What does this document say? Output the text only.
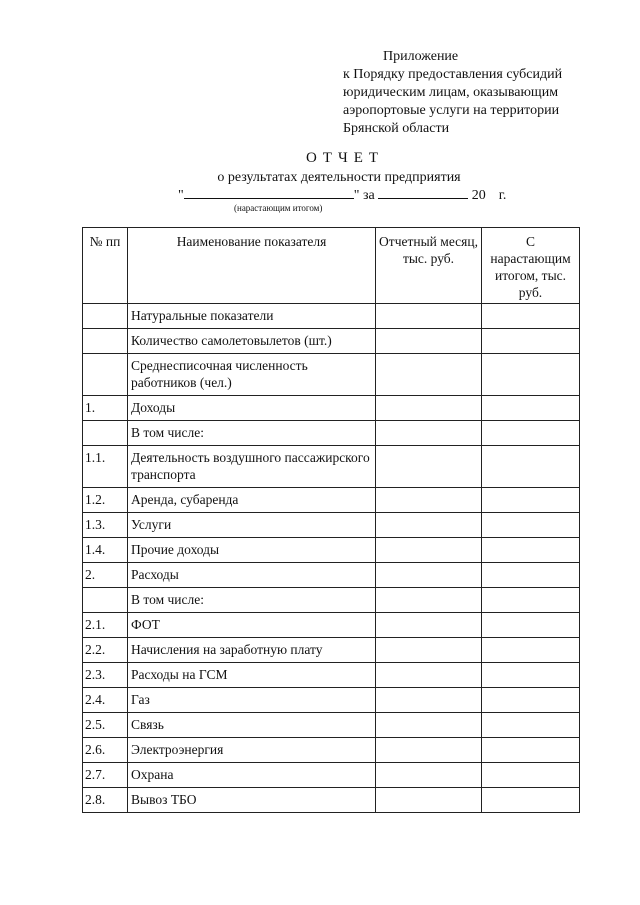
Приложение
к Порядку предоставления субсидий
юридическим лицам, оказывающим
аэропортовые услуги на территории
Брянской области
ОТЧЕТ
о результатах деятельности предприятия
"	" за	20 г.
(нарастающим итогом)
№ пп	Наименование показателя	Отчетный месяц, тыс. руб.	С нарастающим итогом, тыс. руб.
	Натуральные показатели		
	Количество самолетовылетов (шт.)		
	Среднесписочная численность работников (чел.)		
1.	Доходы		
	В том числе:		
1.1.	Деятельность воздушного пассажирского транспорта		
1.2.	Аренда, субаренда		
1.3.	Услуги		
1.4.	Прочие доходы		
2.	Расходы		
	В том числе:		
2.1.	ФОТ		
2.2.	Начисления на заработную плату		
2.3.	Расходы на ГСМ		
2.4.	Газ		
2.5.	Связь		
2.6.	Электроэнергия		
2.7.	Охрана		
2.8.	Вывоз ТБО		
